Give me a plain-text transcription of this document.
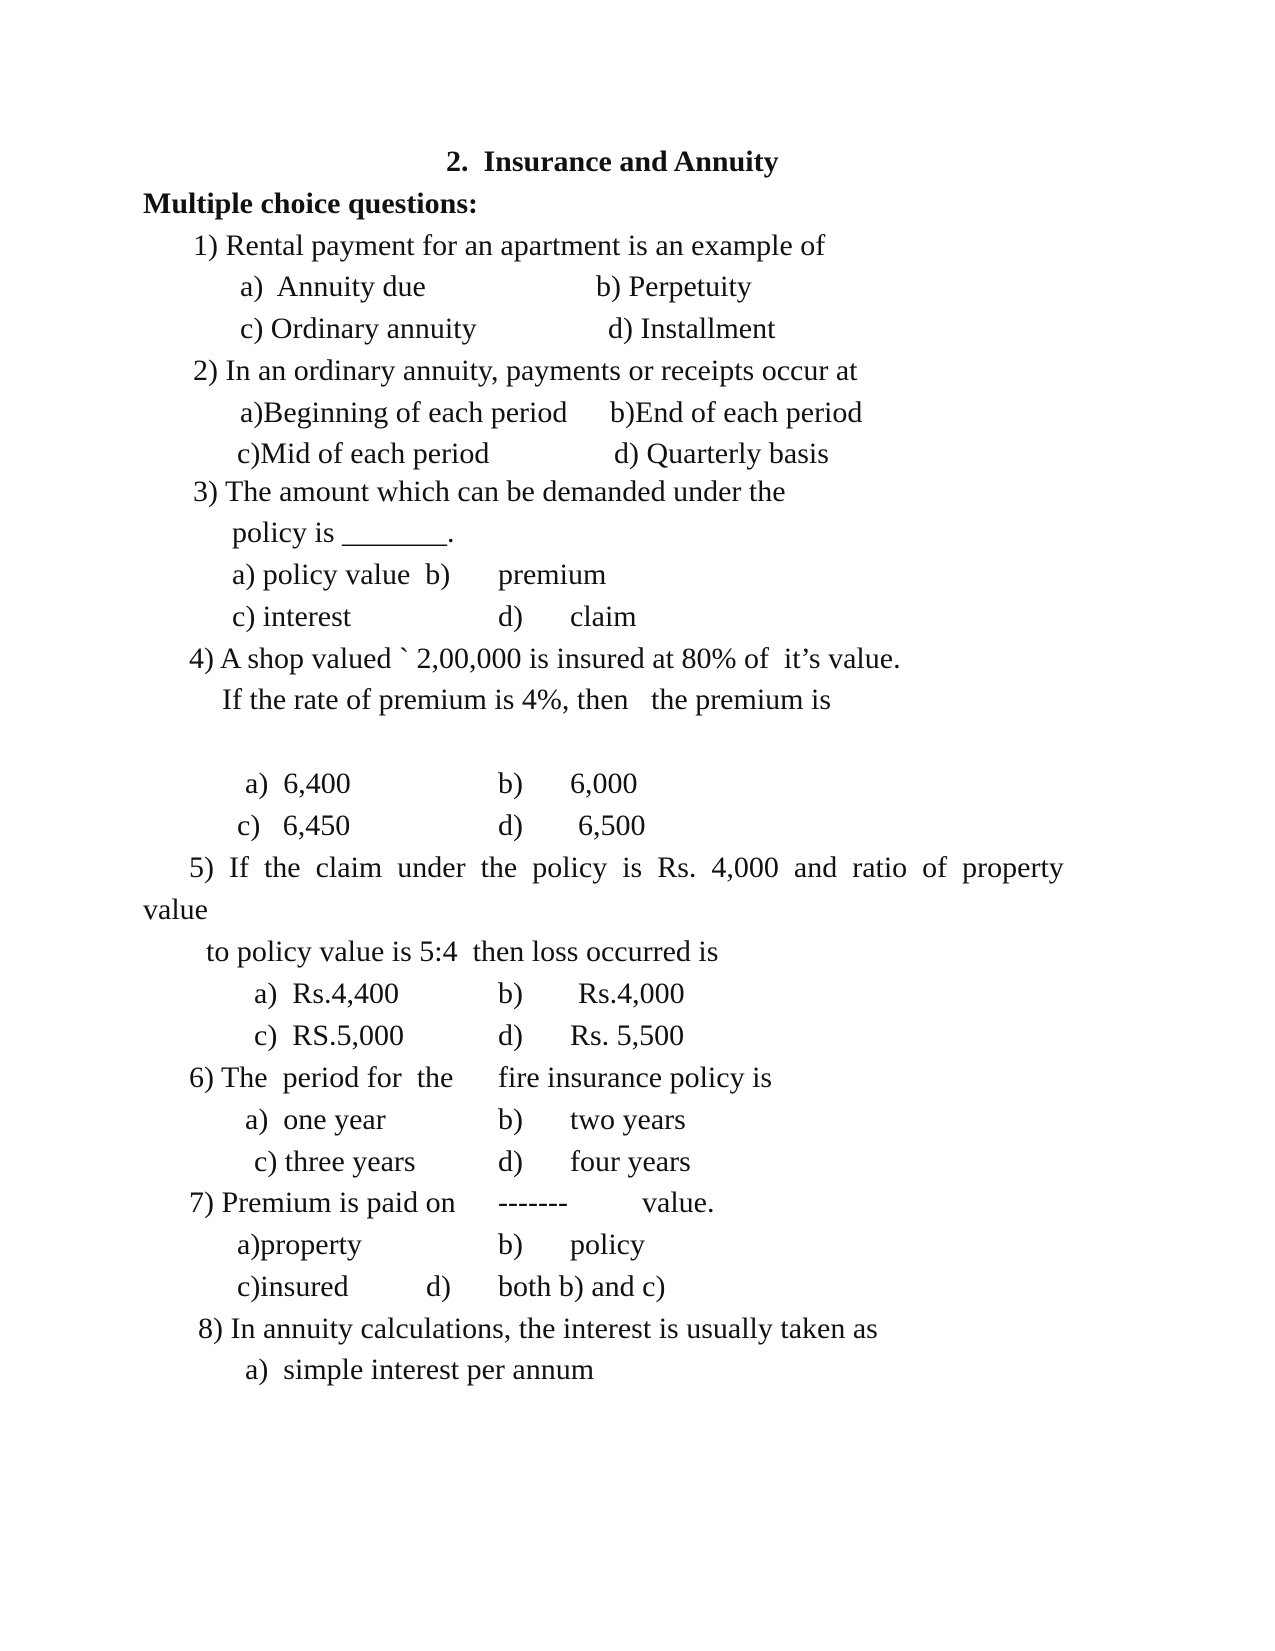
2.  Insurance and Annuity
Multiple choice questions:
1) Rental payment for an apartment is an example of
a)  Annuity due	b) Perpetuity
c) Ordinary annuity	d) Installment
2) In an ordinary annuity, payments or receipts occur at
a)Beginning of each period b)End of each period
c)Mid of each period	d) Quarterly basis
3) The amount which can be demanded under the
policy is _______.
a) policy value  b) premium
c) interest	d) claim
4) A shop valued ` 2,00,000 is insured at 80% of  it’s value.
If the rate of premium is 4%, then   the premium is
a)  6,400	b) 6,000
c)   6,450	d) 6,500
5)  If  the  claim  under  the  policy  is  Rs.  4,000  and  ratio  of  property
value
to policy value is 5:4  then loss occurred is
a)  Rs.4,400	b) Rs.4,000
c)  RS.5,000	d) Rs. 5,500
6) The  period for  the fire insurance policy is
a)  one year	b) two years
c) three years	d) four years
7) Premium is paid on ------- value.
a)property	b) policy
c)insured	d) both b) and c)
8) In annuity calculations, the interest is usually taken as
a)  simple interest per annum
